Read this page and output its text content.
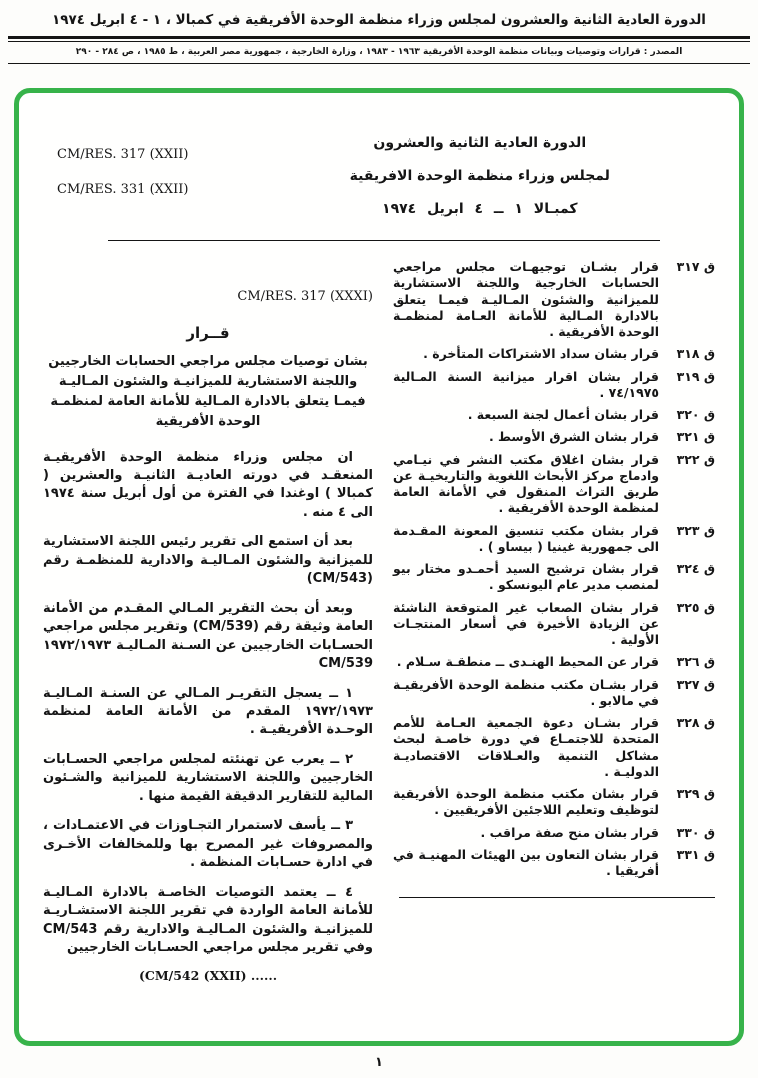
الدورة العادية الثانية والعشرون لمجلس وزراء منظمة الوحدة الأفريقية في كمبالا ، ١ - ٤ ابريل ١٩٧٤
المصدر : قرارات وتوصيات وبيانات منظمة الوحدة الأفريقية ١٩٦٣ - ١٩٨٣ ، وزارة الخارجية ، جمهورية مصر العربية ، ط ١٩٨٥ ، ص ٢٨٤ - ٢٩٠
CM/RES. 317 (XXII)
CM/RES. 331 (XXII)
الدورة العادية الثانية والعشرون
لمجلس وزراء منظمة الوحدة الافريقية
كمبـالا ١ ــ ٤ ابريل ١٩٧٤
ق ٣١٧
قرار بشـان توجيهـات مجلس مراجعي الحسابات الخارجية واللجنة الاستشارية للميزانية والشئون المـاليـة فيمـا يتعلق بالادارة المـالية للأمانة العـامة لمنظمـة الوحدة الأفريقية .
ق ٣١٨
قرار بشان سداد الاشتراكات المتأخرة .
ق ٣١٩
قرار بشان اقرار ميزانية السنة المـالية ٧٤/١٩٧٥ .
ق ٣٢٠
قرار بشان أعمال لجنة السبعة .
ق ٣٢١
قرار بشان الشرق الأوسط .
ق ٣٢٢
قرار بشان اغلاق مكتب النشر في نيـامي وادماج مركز الأبحاث اللغوية والتاريخيـة عن طريق التراث المنقول في الأمانة العامة لمنظمة الوحدة الأفريقية .
ق ٣٢٣
قرار بشان مكتب تنسيق المعونة المقـدمة الى جمهورية غينيا ( بيساو ) .
ق ٣٢٤
قرار بشان ترشيح السيد أحمـدو مختار بيو لمنصب مدير عام اليونسكو .
ق ٣٢٥
قرار بشان الصعاب غير المتوقعة الناشئة عن الزيادة الأخيرة في أسعار المنتجـات الأولية .
ق ٣٢٦
قرار عن المحيط الهنـدى ــ منطقـة سـلام .
ق ٣٢٧
قرار بشـان مكتب منظمة الوحدة الأفريقيـة في مالابو .
ق ٣٢٨
قرار بشـان دعوة الجمعية العـامة للأمم المتحدة للاجتمـاع في دورة خاصـة لبحث مشاكل التنمية والعـلاقات الاقتصاديـة الدوليـة .
ق ٣٢٩
قرار بشان مكتب منظمة الوحدة الأفريقية لتوظيف وتعليم اللاجئين الأفريقيين .
ق ٣٣٠
قرار بشان منح صفة مراقب .
ق ٣٣١
قرار بشان التعاون بين الهيئات المهنيـة في أفريقيا .
CM/RES. 317 (XXXI)
قــرار
بشان توصيات مجلس مراجعي الحسابات الخارجيين واللجنة الاستشارية للميزانيـة والشئون المـاليـة فيمـا يتعلق بالادارة المـالية للأمانة العامة لمنظمـة الوحدة الأفريقية

ان مجلس وزراء منظمة الوحدة الأفريقيـة المنعقـد في دورته العاديـة الثانيـة والعشرين ( كمبالا ) اوغندا في الفترة من أول أبريل سنة ١٩٧٤ الى ٤ منه .

بعد أن استمع الى تقرير رئيس اللجنة الاستشارية للميزانية والشئون المـاليـة والادارية للمنظمـة رقم (CM/543)

وبعد أن بحث التقرير المـالي المقـدم من الأمانة العامة وثيقة رقم (CM/539) وتقرير مجلس مراجعي الحسـابات الخارجيين عن السـنة المـاليـة ١٩٧٢/١٩٧٣ CM/539

١ ــ يسجل التقريـر المـالي عن السنـة المـاليـة ١٩٧٢/١٩٧٣ المقدم من الأمانة العامة لمنظمة الوحـدة الأفريقيـة .

٢ ــ يعرب عن تهنئته لمجلس مراجعي الحسـابات الخارجيين واللجنة الاستشارية للميزانية والشـئون المالية للتقارير الدقيقة القيمة منها .

٣ ــ يأسف لاستمرار التجـاوزات في الاعتمـادات ، والمصروفات غير المصرح بها وللمخالفات الأخـرى في ادارة حسـابات المنظمة .

٤ ــ يعتمد التوصيات الخاصـة بالادارة المـاليـة للأمانة العامة الواردة في تقرير اللجنة الاستشـاريـة للميزانيـة والشئون المـاليـة والادارية رقم CM/543 وفي تقرير مجلس مراجعي الحسـابات الخارجيين

(CM/542 (XXII) ......
١
